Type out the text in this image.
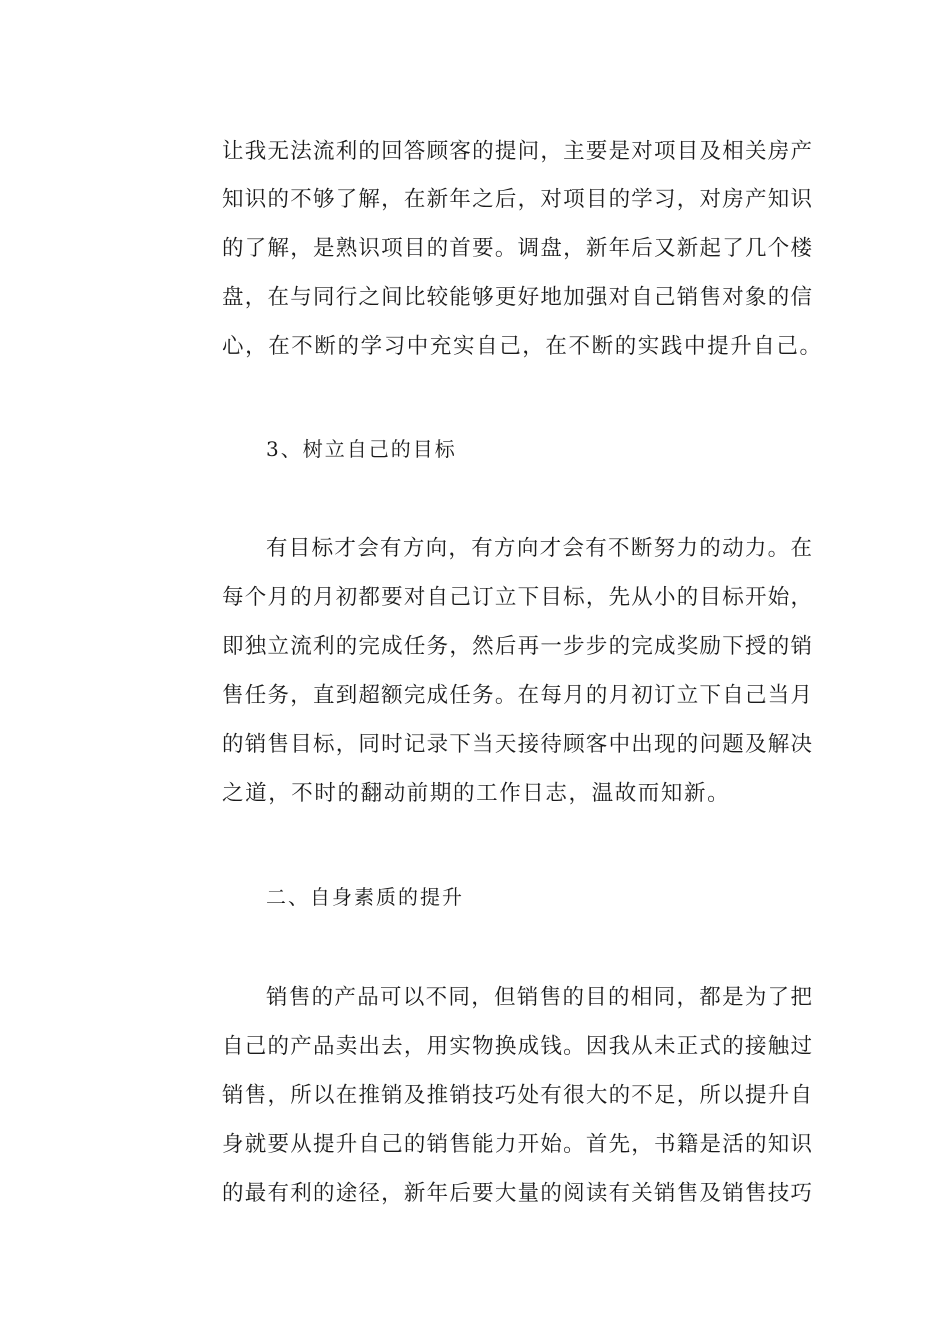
让我无法流利的回答顾客的提问，主要是对项目及相关房产
知识的不够了解，在新年之后，对项目的学习，对房产知识
的了解，是熟识项目的首要。调盘，新年后又新起了几个楼
盘，在与同行之间比较能够更好地加强对自己销售对象的信
心，在不断的学习中充实自己，在不断的实践中提升自己。
3、树立自己的目标
有目标才会有方向，有方向才会有不断努力的动力。在
每个月的月初都要对自己订立下目标，先从小的目标开始，
即独立流利的完成任务，然后再一步步的完成奖励下授的销
售任务，直到超额完成任务。在每月的月初订立下自己当月
的销售目标，同时记录下当天接待顾客中出现的问题及解决
之道，不时的翻动前期的工作日志，温故而知新。
二、自身素质的提升
销售的产品可以不同，但销售的目的相同，都是为了把
自己的产品卖出去，用实物换成钱。因我从未正式的接触过
销售，所以在推销及推销技巧处有很大的不足，所以提升自
身就要从提升自己的销售能力开始。首先，书籍是活的知识
的最有利的途径，新年后要大量的阅读有关销售及销售技巧
